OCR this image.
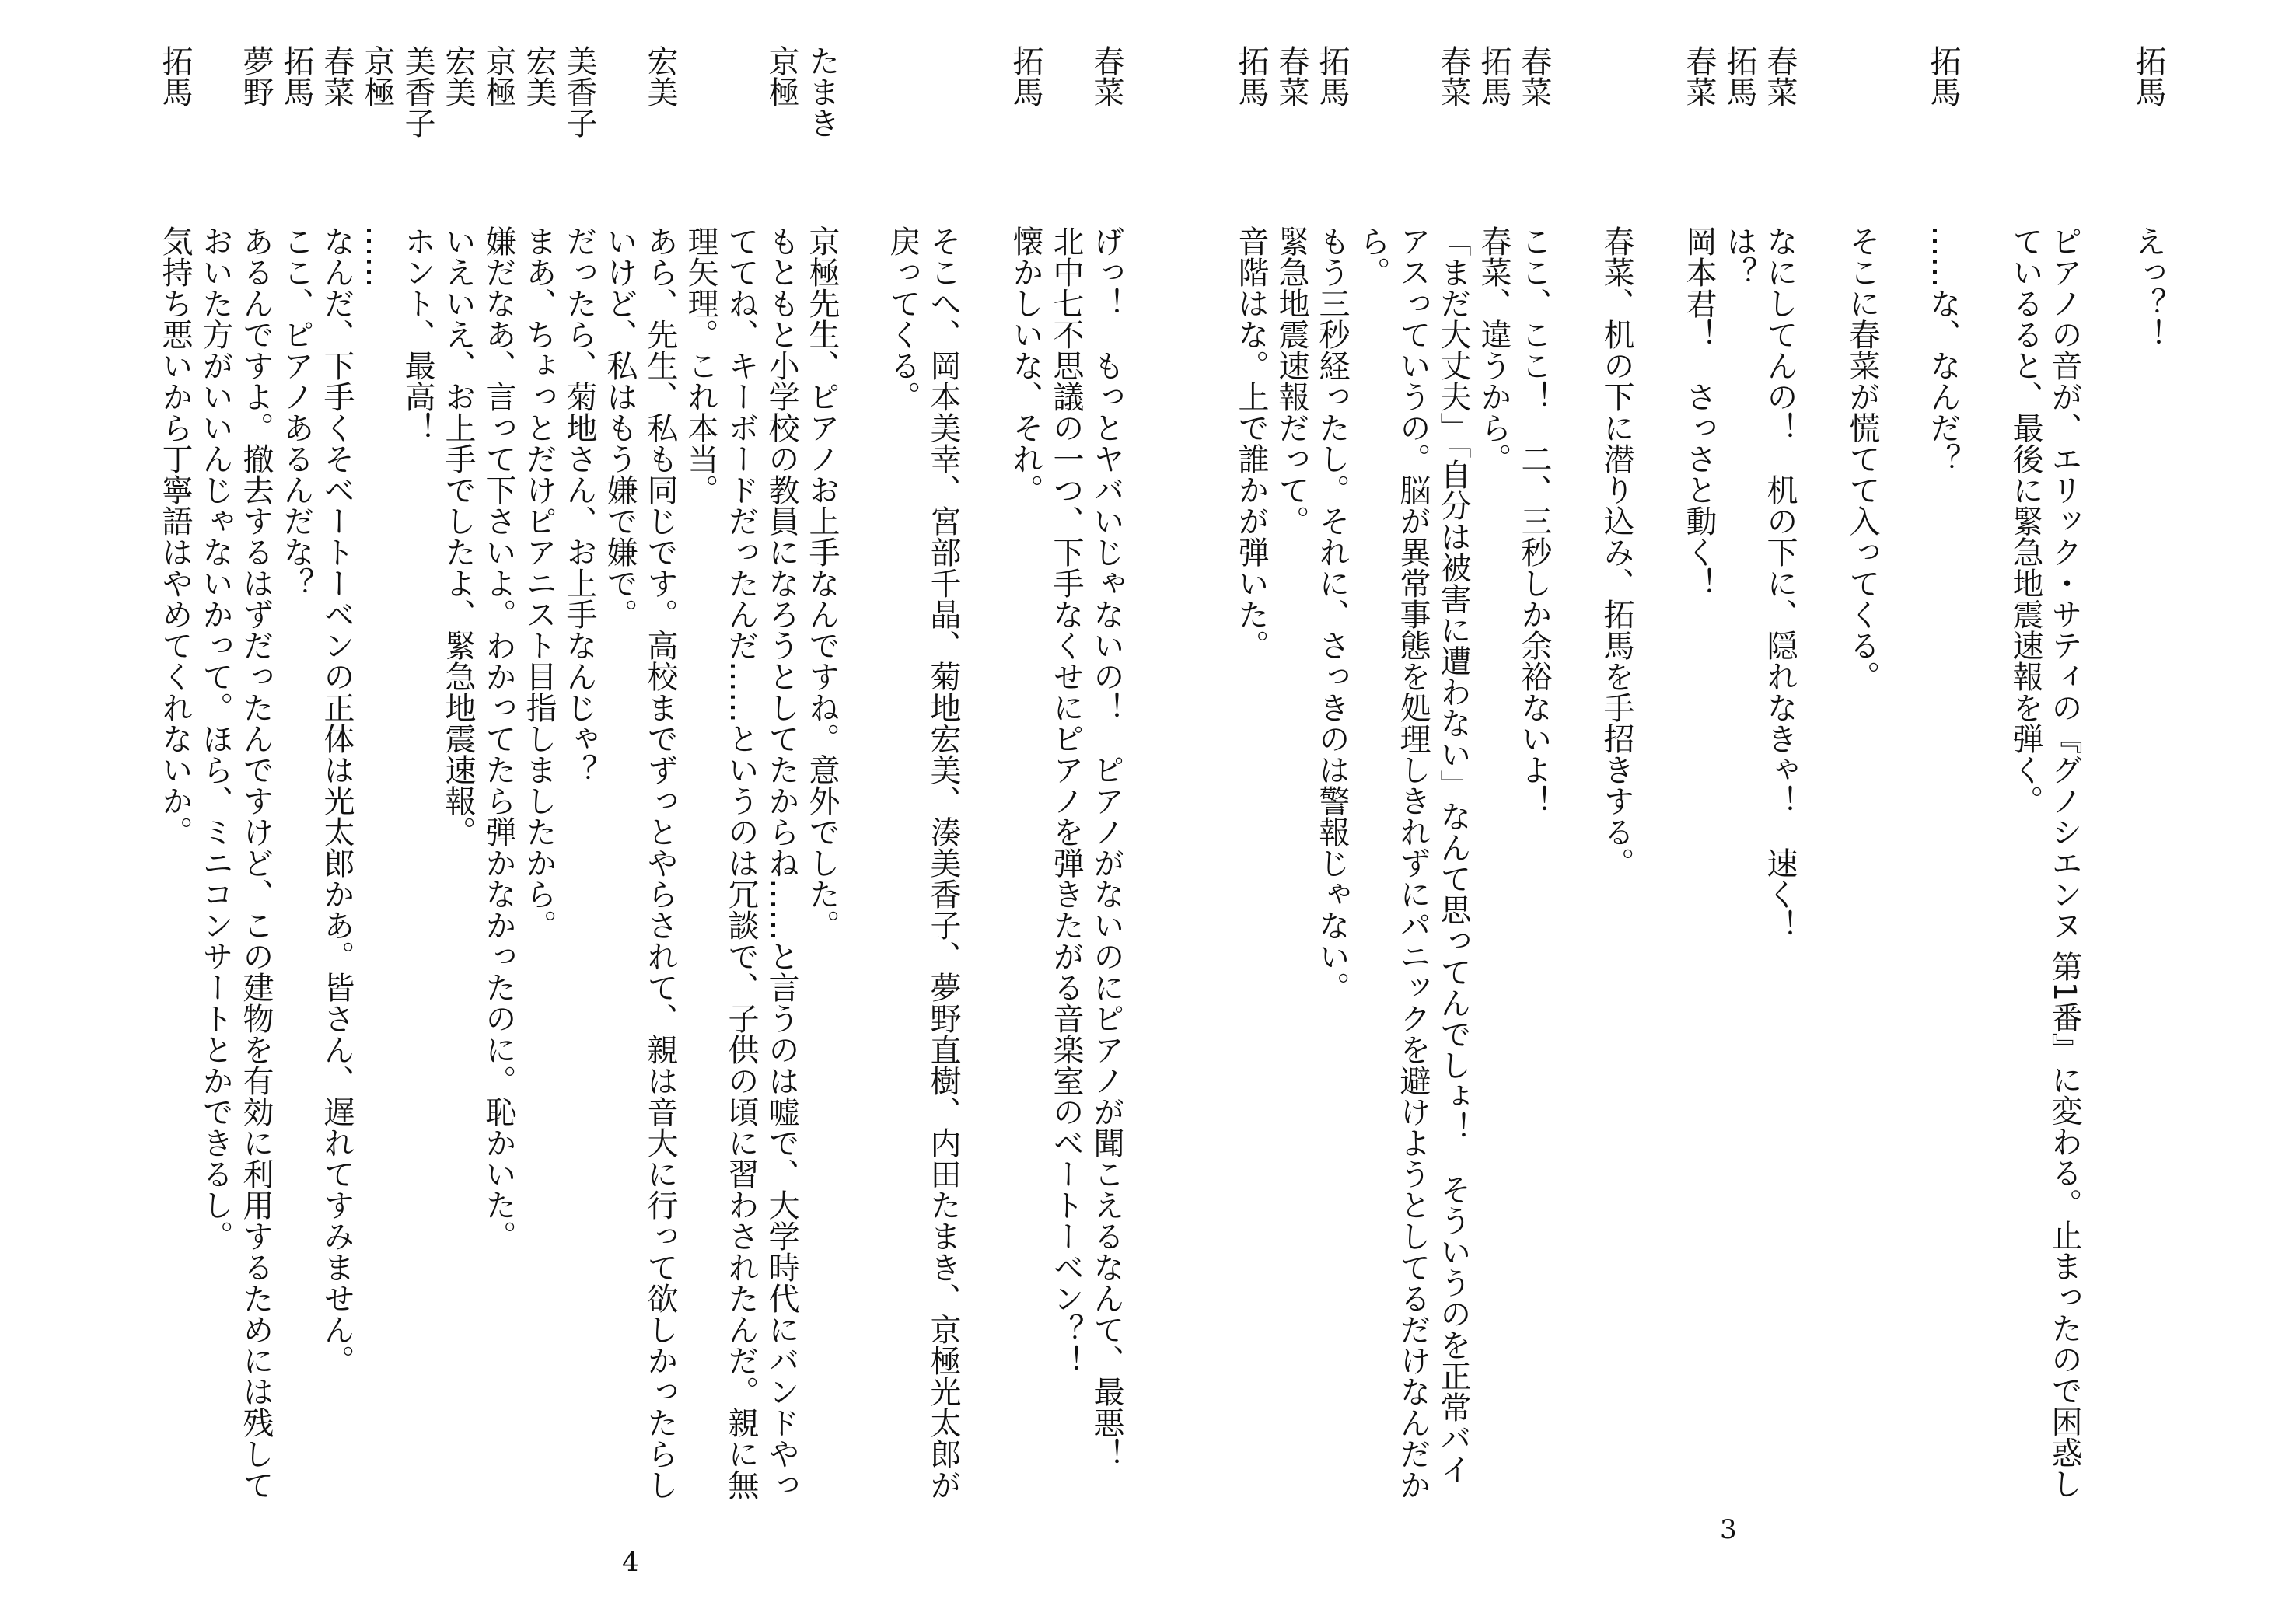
拓馬
えっ？！
ピアノの音が、エリック・サティの『グノシエンヌ 第1番』に変わる。止まったので困惑し
ているると、最後に緊急地震速報を弾く。
拓馬
……な、なんだ？
そこに春菜が慌てて入ってくる。
春菜
なにしてんの！　机の下に、隠れなきゃ！　速く！
拓馬
は？
春菜
岡本君！　さっさと動く！
春菜、机の下に潜り込み、拓馬を手招きする。
春菜
ここ、ここ！　二、三秒しか余裕ないよ！
拓馬
春菜、違うから。
春菜
「まだ大丈夫」「自分は被害に遭わない」なんて思ってんでしょ！　そういうのを正常バイ
アスっていうの。脳が異常事態を処理しきれずにパニックを避けようとしてるだけなんだか
ら。
拓馬
もう三秒経ったし。それに、さっきのは警報じゃない。
春菜
緊急地震速報だって。
拓馬
音階はな。上で誰かが弾いた。
3
春菜
げっ！　もっとヤバいじゃないの！　ピアノがないのにピアノが聞こえるなんて、最悪！
北中七不思議の一つ、下手なくせにピアノを弾きたがる音楽室のベートーベン？！
拓馬
懐かしいな、それ。
そこへ、岡本美幸、宮部千晶、菊地宏美、湊美香子、夢野直樹、内田たまき、京極光太郎が
戻ってくる。
たまき
京極先生、ピアノお上手なんですね。意外でした。
京極
もともと小学校の教員になろうとしてたからね……と言うのは嘘で、大学時代にバンドやっ
ててね、キーボードだったんだ……というのは冗談で、子供の頃に習わされたんだ。親に無
理矢理。これ本当。
宏美
あら、先生、私も同じです。高校までずっとやらされて、親は音大に行って欲しかったらし
いけど、私はもう嫌で嫌で。
美香子
だったら、菊地さん、お上手なんじゃ？
宏美
まあ、ちょっとだけピアニスト目指しましたから。
京極
嫌だなあ、言って下さいよ。わかってたら弾かなかったのに。恥かいた。
宏美
いえいえ、お上手でしたよ、緊急地震速報。
美香子
ホント、最高！
京極
……
春菜
なんだ、下手くそベートーベンの正体は光太郎かあ。皆さん、遅れてすみません。
拓馬
ここ、ピアノあるんだな？
夢野
あるんですよ。撤去するはずだったんですけど、この建物を有効に利用するためには残して
おいた方がいいんじゃないかって。ほら、ミニコンサートとかできるし。
拓馬
気持ち悪いから丁寧語はやめてくれないか。
4
